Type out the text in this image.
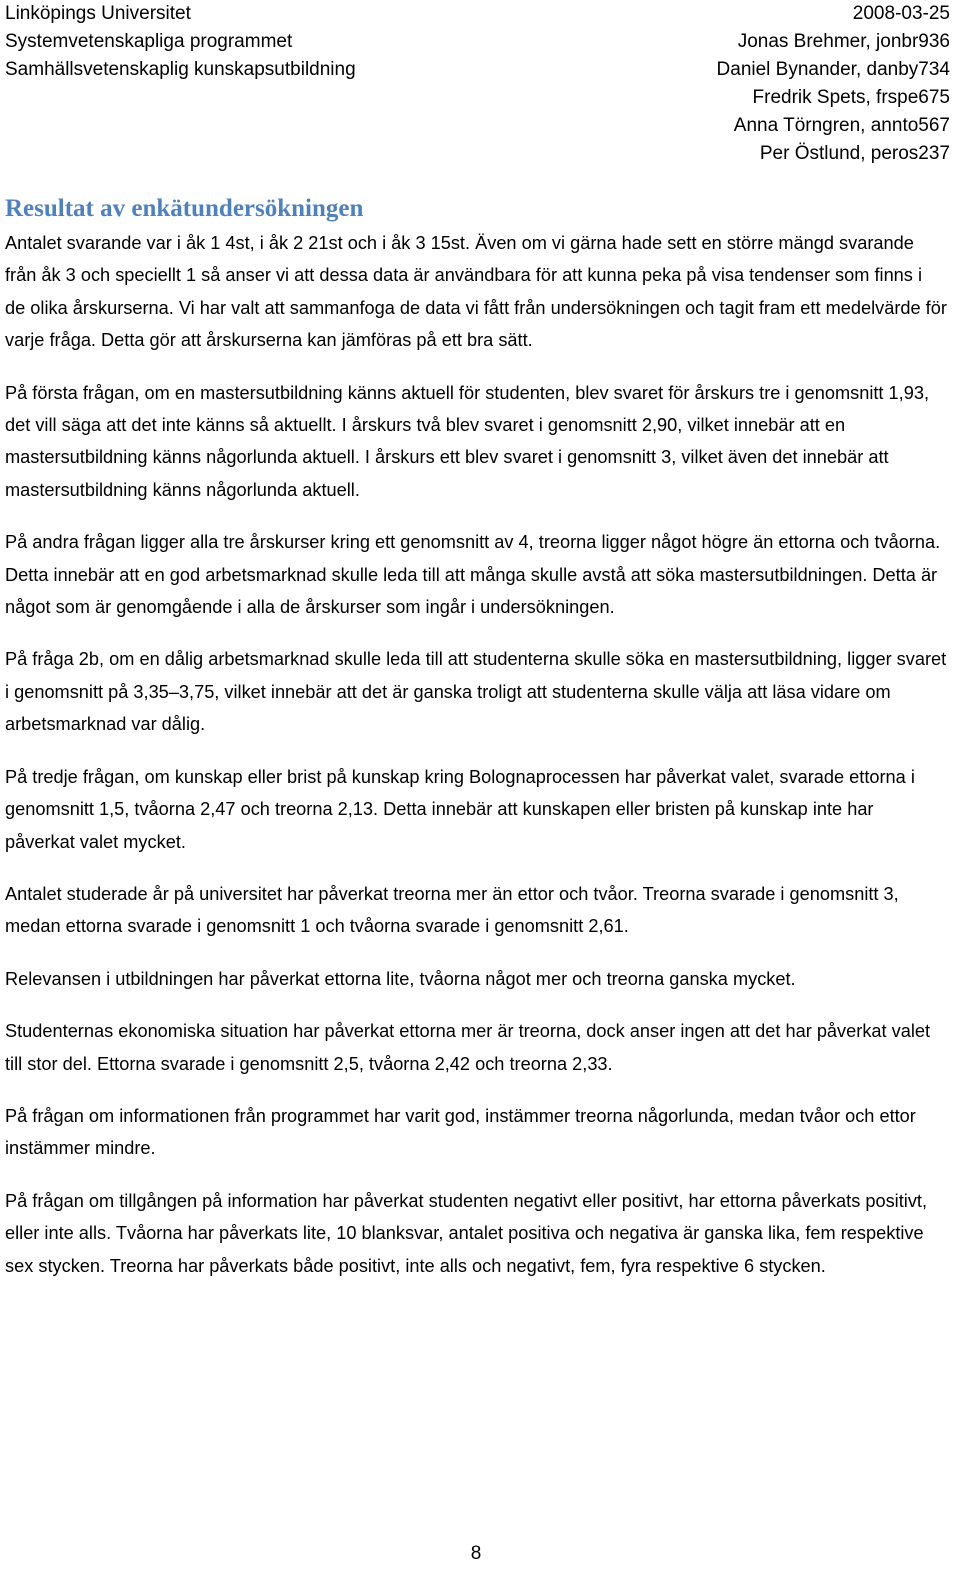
Linköpings Universitet
Systemvetenskapliga programmet
Samhällsvetenskaplig kunskapsutbildning
2008-03-25
Jonas Brehmer, jonbr936
Daniel Bynander, danby734
Fredrik Spets, frspe675
Anna Törngren, annto567
Per Östlund, peros237
Resultat av enkätundersökningen

Antalet svarande var i åk 1 4st, i åk 2 21st och i åk 3 15st. Även om vi gärna hade sett en större mängd svarande från åk 3 och speciellt 1 så anser vi att dessa data är användbara för att kunna peka på visa tendenser som finns i de olika årskurserna. Vi har valt att sammanfoga de data vi fått från undersökningen och tagit fram ett medelvärde för varje fråga. Detta gör att årskurserna kan jämföras på ett bra sätt.

På första frågan, om en mastersutbildning känns aktuell för studenten, blev svaret för årskurs tre i genomsnitt 1,93, det vill säga att det inte känns så aktuellt. I årskurs två blev svaret i genomsnitt 2,90, vilket innebär att en mastersutbildning känns någorlunda aktuell. I årskurs ett blev svaret i genomsnitt 3, vilket även det innebär att mastersutbildning känns någorlunda aktuell.

På andra frågan ligger alla tre årskurser kring ett genomsnitt av 4, treorna ligger något högre än ettorna och tvåorna. Detta innebär att en god arbetsmarknad skulle leda till att många skulle avstå att söka mastersutbildningen. Detta är något som är genomgående i alla de årskurser som ingår i undersökningen.

På fråga 2b, om en dålig arbetsmarknad skulle leda till att studenterna skulle söka en mastersutbildning, ligger svaret i genomsnitt på 3,35–3,75, vilket innebär att det är ganska troligt att studenterna skulle välja att läsa vidare om arbetsmarknad var dålig.

På tredje frågan, om kunskap eller brist på kunskap kring Bolognaprocessen har påverkat valet, svarade ettorna i genomsnitt 1,5, tvåorna 2,47 och treorna 2,13. Detta innebär att kunskapen eller bristen på kunskap inte har påverkat valet mycket.

Antalet studerade år på universitet har påverkat treorna mer än ettor och tvåor. Treorna svarade i genomsnitt 3, medan ettorna svarade i genomsnitt 1 och tvåorna svarade i genomsnitt 2,61.

Relevansen i utbildningen har påverkat ettorna lite, tvåorna något mer och treorna ganska mycket.

Studenternas ekonomiska situation har påverkat ettorna mer är treorna, dock anser ingen att det har påverkat valet till stor del. Ettorna svarade i genomsnitt 2,5, tvåorna 2,42 och treorna 2,33.

På frågan om informationen från programmet har varit god, instämmer treorna någorlunda, medan tvåor och ettor instämmer mindre.

På frågan om tillgången på information har påverkat studenten negativt eller positivt, har ettorna påverkats positivt, eller inte alls. Tvåorna har påverkats lite, 10 blanksvar, antalet positiva och negativa är ganska lika, fem respektive sex stycken. Treorna har påverkats både positivt, inte alls och negativt, fem, fyra respektive 6 stycken.

8
